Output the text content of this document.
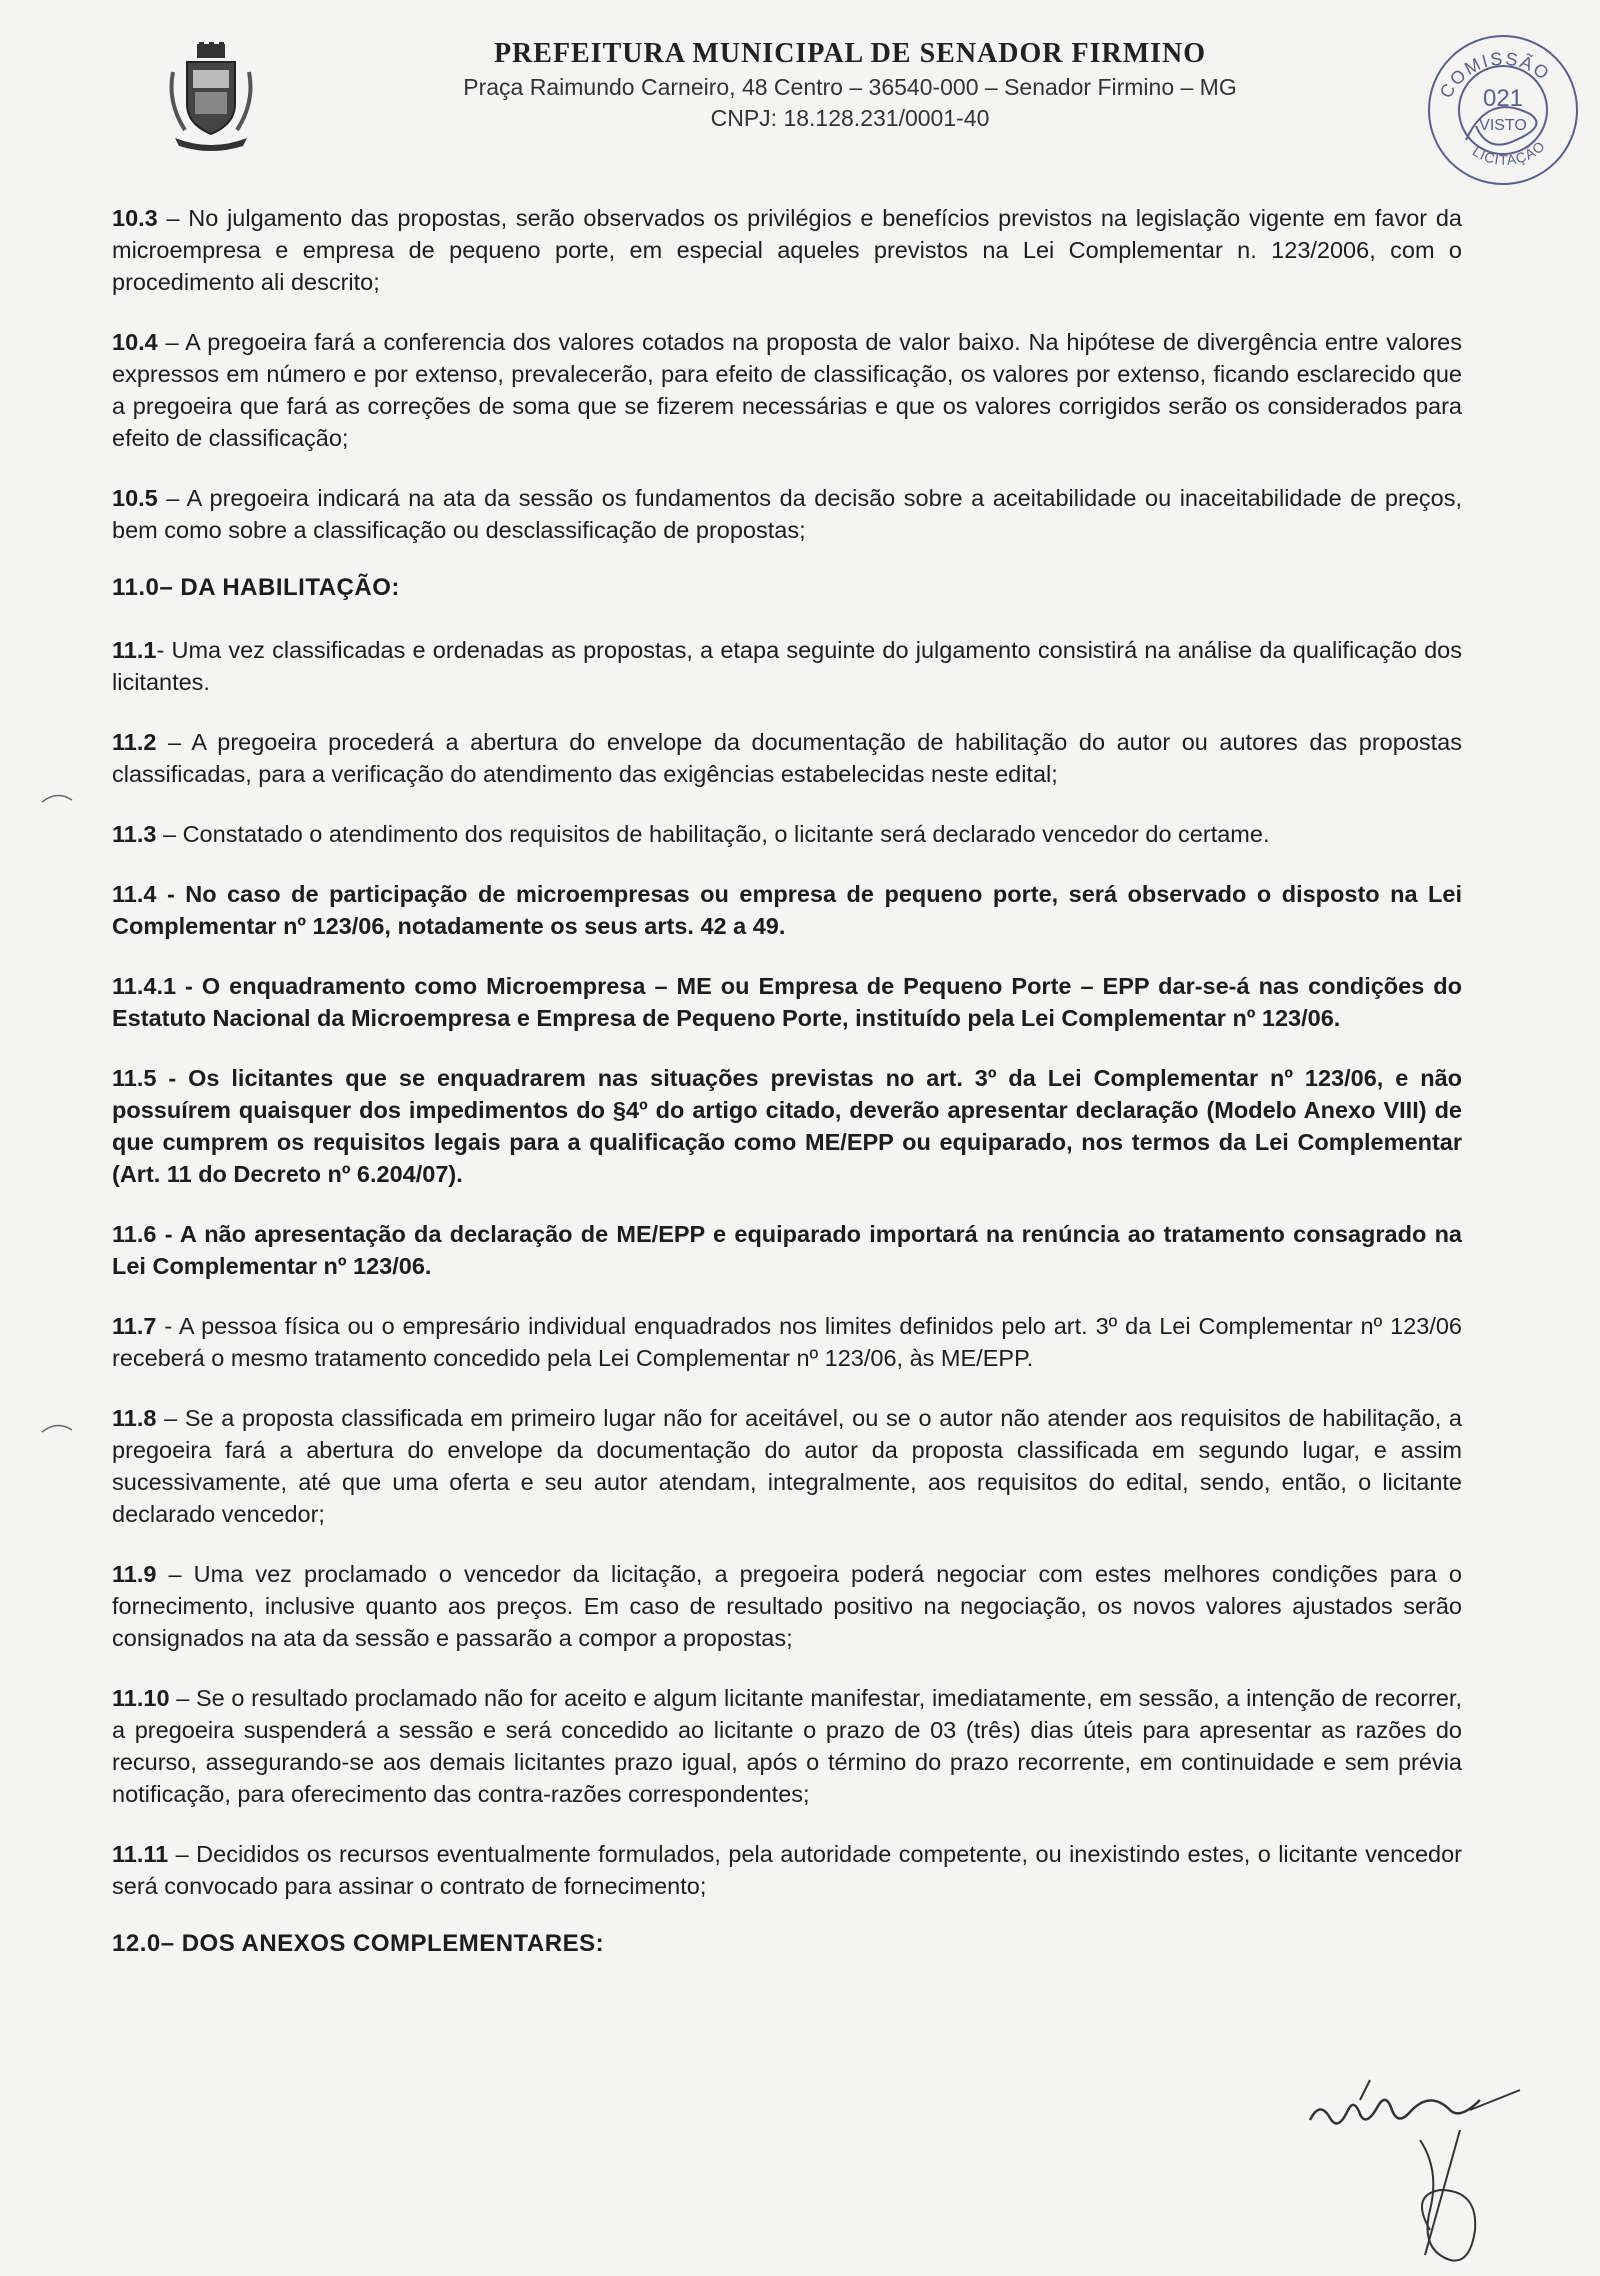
PREFEITURA MUNICIPAL DE SENADOR FIRMINO
Praça Raimundo Carneiro, 48 Centro – 36540-000 – Senador Firmino – MG
CNPJ: 18.128.231/0001-40
COMISSÃO
021
VISTO
LICITAÇÃO

10.3 – No julgamento das propostas, serão observados os privilégios e benefícios previstos na legislação vigente em favor da microempresa e empresa de pequeno porte, em especial aqueles previstos na Lei Complementar n. 123/2006, com o procedimento ali descrito;

10.4 – A pregoeira fará a conferencia dos valores cotados na proposta de valor baixo. Na hipótese de divergência entre valores expressos em número e por extenso, prevalecerão, para efeito de classificação, os valores por extenso, ficando esclarecido que a pregoeira que fará as correções de soma que se fizerem necessárias e que os valores corrigidos serão os considerados para efeito de classificação;

10.5 – A pregoeira indicará na ata da sessão os fundamentos da decisão sobre a aceitabilidade ou inaceitabilidade de preços, bem como sobre a classificação ou desclassificação de propostas;

11.0– DA HABILITAÇÃO:

11.1- Uma vez classificadas e ordenadas as propostas, a etapa seguinte do julgamento consistirá na análise da qualificação dos licitantes.

11.2 – A pregoeira procederá a abertura do envelope da documentação de habilitação do autor ou autores das propostas classificadas, para a verificação do atendimento das exigências estabelecidas neste edital;

11.3 – Constatado o atendimento dos requisitos de habilitação, o licitante será declarado vencedor do certame.

11.4 - No caso de participação de microempresas ou empresa de pequeno porte, será observado o disposto na Lei Complementar nº 123/06, notadamente os seus arts. 42 a 49.

11.4.1 - O enquadramento como Microempresa – ME ou Empresa de Pequeno Porte – EPP dar-se-á nas condições do Estatuto Nacional da Microempresa e Empresa de Pequeno Porte, instituído pela Lei Complementar nº 123/06.

11.5 - Os licitantes que se enquadrarem nas situações previstas no art. 3º da Lei Complementar nº 123/06, e não possuírem quaisquer dos impedimentos do §4º do artigo citado, deverão apresentar declaração (Modelo Anexo VIII) de que cumprem os requisitos legais para a qualificação como ME/EPP ou equiparado, nos termos da Lei Complementar (Art. 11 do Decreto nº 6.204/07).

11.6 - A não apresentação da declaração de ME/EPP e equiparado importará na renúncia ao tratamento consagrado na Lei Complementar nº 123/06.

11.7 - A pessoa física ou o empresário individual enquadrados nos limites definidos pelo art. 3º da Lei Complementar nº 123/06 receberá o mesmo tratamento concedido pela Lei Complementar nº 123/06, às ME/EPP.

11.8 – Se a proposta classificada em primeiro lugar não for aceitável, ou se o autor não atender aos requisitos de habilitação, a pregoeira fará a abertura do envelope da documentação do autor da proposta classificada em segundo lugar, e assim sucessivamente, até que uma oferta e seu autor atendam, integralmente, aos requisitos do edital, sendo, então, o licitante declarado vencedor;

11.9 – Uma vez proclamado o vencedor da licitação, a pregoeira poderá negociar com estes melhores condições para o fornecimento, inclusive quanto aos preços. Em caso de resultado positivo na negociação, os novos valores ajustados serão consignados na ata da sessão e passarão a compor a propostas;

11.10 – Se o resultado proclamado não for aceito e algum licitante manifestar, imediatamente, em sessão, a intenção de recorrer, a pregoeira suspenderá a sessão e será concedido ao licitante o prazo de 03 (três) dias úteis para apresentar as razões do recurso, assegurando-se aos demais licitantes prazo igual, após o término do prazo recorrente, em continuidade e sem prévia notificação, para oferecimento das contra-razões correspondentes;

11.11 – Decididos os recursos eventualmente formulados, pela autoridade competente, ou inexistindo estes, o licitante vencedor será convocado para assinar o contrato de fornecimento;

12.0– DOS ANEXOS COMPLEMENTARES:
